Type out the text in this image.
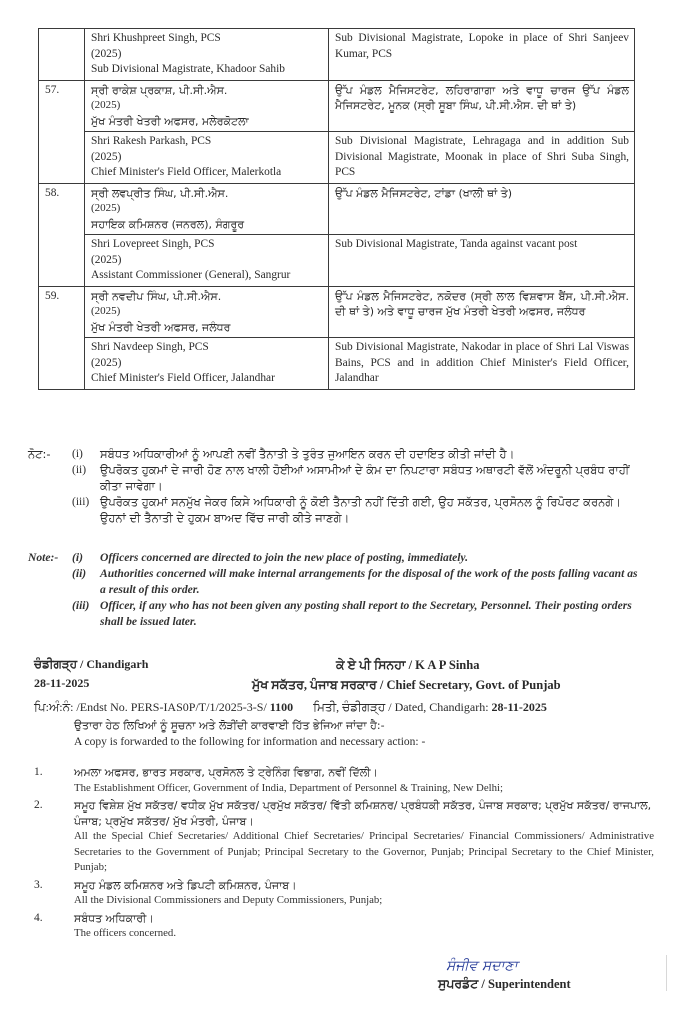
	Shri Khushpreet Singh, PCS
(2025)
Sub Divisional Magistrate, Khadoor Sahib	Sub Divisional Magistrate, Lopoke in place of Shri Sanjeev Kumar, PCS
57.	ਸ੍ਰੀ ਰਾਕੇਸ਼ ਪ੍ਰਕਾਸ਼, ਪੀ.ਸੀ.ਐਸ.
(2025)
ਮੁੱਖ ਮੰਤਰੀ ਖੇਤਰੀ ਅਫਸਰ, ਮਲੇਰਕੋਟਲਾ	ਉੱਪ ਮੰਡਲ ਮੈਜਿਸਟਰੇਟ, ਲਹਿਰਾਗਾਗਾ ਅਤੇ ਵਾਧੂ ਚਾਰਜ ਉੱਪ ਮੰਡਲ ਮੈਜਿਸਟਰੇਟ, ਮੂਨਕ (ਸ੍ਰੀ ਸੂਬਾ ਸਿੰਘ, ਪੀ.ਸੀ.ਐਸ. ਦੀ ਥਾਂ ਤੇ)

	Shri Rakesh Parkash, PCS
(2025)
Chief Minister's Field Officer, Malerkotla	Sub Divisional Magistrate, Lehragaga and in addition Sub Divisional Magistrate, Moonak in place of Shri Suba Singh, PCS
58.	ਸ੍ਰੀ ਲਵਪ੍ਰੀਤ ਸਿੰਘ, ਪੀ.ਸੀ.ਐਸ.
(2025)
ਸਹਾਇਕ ਕਮਿਸ਼ਨਰ (ਜਨਰਲ), ਸੰਗਰੂਰ	ਉੱਪ ਮੰਡਲ ਮੈਜਿਸਟਰੇਟ, ਟਾਂਡਾ (ਖਾਲੀ ਥਾਂ ਤੇ)

	Shri Lovepreet Singh, PCS
(2025)
Assistant Commissioner (General), Sangrur	Sub Divisional Magistrate, Tanda against vacant post
59.	ਸ੍ਰੀ ਨਵਦੀਪ ਸਿੰਘ, ਪੀ.ਸੀ.ਐਸ.
(2025)
ਮੁੱਖ ਮੰਤਰੀ ਖੇਤਰੀ ਅਫਸਰ, ਜਲੰਧਰ	ਉੱਪ ਮੰਡਲ ਮੈਜਿਸਟਰੇਟ, ਨਕੋਦਰ (ਸ੍ਰੀ ਲਾਲ ਵਿਸ਼ਵਾਸ ਬੈਂਸ, ਪੀ.ਸੀ.ਐਸ. ਦੀ ਥਾਂ ਤੇ) ਅਤੇ ਵਾਧੂ ਚਾਰਜ ਮੁੱਖ ਮੰਤਰੀ ਖੇਤਰੀ ਅਫਸਰ, ਜਲੰਧਰ

	Shri Navdeep Singh, PCS
(2025)
Chief Minister's Field Officer, Jalandhar	Sub Divisional Magistrate, Nakodar in place of Shri Lal Viswas Bains, PCS and in addition Chief Minister's Field Officer, Jalandhar
ਨੋਟ:-	(i)	ਸਬੰਧਤ ਅਧਿਕਾਰੀਆਂ ਨੂੰ ਆਪਣੀ ਨਵੀਂ ਤੈਨਾਤੀ ਤੇ ਤੁਰੰਤ ਜੁਆਇਨ ਕਰਨ ਦੀ ਹਦਾਇਤ ਕੀਤੀ ਜਾਂਦੀ ਹੈ।
(ii)	ਉਪਰੋਕਤ ਹੁਕਮਾਂ ਦੇ ਜਾਰੀ ਹੋਣ ਨਾਲ ਖਾਲੀ ਹੋਈਆਂ ਅਸਾਮੀਆਂ ਦੇ ਕੰਮ ਦਾ ਨਿਪਟਾਰਾ ਸਬੰਧਤ ਅਥਾਰਟੀ ਵੱਲੋਂ ਅੰਦਰੂਨੀ ਪ੍ਰਬੰਧ ਰਾਹੀਂ ਕੀਤਾ ਜਾਵੇਗਾ।
(iii) ਉਪਰੋਕਤ ਹੁਕਮਾਂ ਸਨਮੁੱਖ ਜੇਕਰ ਕਿਸੇ ਅਧਿਕਾਰੀ ਨੂੰ ਕੋਈ ਤੈਨਾਤੀ ਨਹੀਂ ਦਿੱਤੀ ਗਈ, ਉਹ ਸਕੱਤਰ, ਪ੍ਰਸੋਨਲ ਨੂੰ ਰਿਪੋਰਟ ਕਰਨਗੇ। ਉਹਨਾਂ ਦੀ ਤੈਨਾਤੀ ਦੇ ਹੁਕਮ ਬਾਅਦ ਵਿੱਚ ਜਾਰੀ ਕੀਤੇ ਜਾਣਗੇ।
Note:-	(i)	Officers concerned are directed to join the new place of posting, immediately.
(ii)	Authorities concerned will make internal arrangements for the disposal of the work of the posts falling vacant as a result of this order.
(iii) Officer, if any who has not been given any posting shall report to the Secretary, Personnel. Their posting orders shall be issued later.
ਚੰਡੀਗੜ੍ਹ / Chandigarh
28-11-2025
ਕੇ ਏ ਪੀ ਸਿਨਹਾ / K A P Sinha
ਮੁੱਖ ਸਕੱਤਰ, ਪੰਜਾਬ ਸਰਕਾਰ / Chief Secretary, Govt. of Punjab
ਪਿ:ਅੰ:ਨੰ: /Endst No. PERS-IAS0P/T/1/2025-3-S/ 1100 ਮਿਤੀ, ਚੰਡੀਗੜ੍ਹ / Dated, Chandigarh: 28-11-2025
ਉਤਾਰਾ ਹੇਠ ਲਿਖਿਆਂ ਨੂੰ ਸੂਚਨਾ ਅਤੇ ਲੋੜੀਂਦੀ ਕਾਰਵਾਈ ਹਿੱਤ ਭੇਜਿਆ ਜਾਂਦਾ ਹੈ:-
A copy is forwarded to the following for information and necessary action: -
1.	ਅਮਲਾ ਅਫਸਰ, ਭਾਰਤ ਸਰਕਾਰ, ਪ੍ਰਸੋਨਲ ਤੇ ਟ੍ਰੇਨਿੰਗ ਵਿਭਾਗ, ਨਵੀਂ ਦਿੱਲੀ।
The Establishment Officer, Government of India, Department of Personnel & Training, New Delhi;
2.	ਸਮੂਹ ਵਿਸ਼ੇਸ਼ ਮੁੱਖ ਸਕੱਤਰ/ ਵਧੀਕ ਮੁੱਖ ਸਕੱਤਰ/ ਪ੍ਰਮੁੱਖ ਸਕੱਤਰ/ ਵਿੱਤੀ ਕਮਿਸ਼ਨਰ/ ਪ੍ਰਬੰਧਕੀ ਸਕੱਤਰ, ਪੰਜਾਬ ਸਰਕਾਰ; ਪ੍ਰਮੁੱਖ ਸਕੱਤਰ/ ਰਾਜਪਾਲ, ਪੰਜਾਬ; ਪ੍ਰਮੁੱਖ ਸਕੱਤਰ/ ਮੁੱਖ ਮੰਤਰੀ, ਪੰਜਾਬ।
All the Special Chief Secretaries/ Additional Chief Secretaries/ Principal Secretaries/ Financial Commissioners/ Administrative Secretaries to the Government of Punjab; Principal Secretary to the Governor, Punjab; Principal Secretary to the Chief Minister, Punjab;
3.	ਸਮੂਹ ਮੰਡਲ ਕਮਿਸ਼ਨਰ ਅਤੇ ਡਿਪਟੀ ਕਮਿਸ਼ਨਰ, ਪੰਜਾਬ।
All the Divisional Commissioners and Deputy Commissioners, Punjab;
4.	ਸਬੰਧਤ ਅਧਿਕਾਰੀ।
The officers concerned.
ਸੰਜੀਵ ਸਦਾਣਾ
ਸੁਪਰਡੰਟ / Superintendent
